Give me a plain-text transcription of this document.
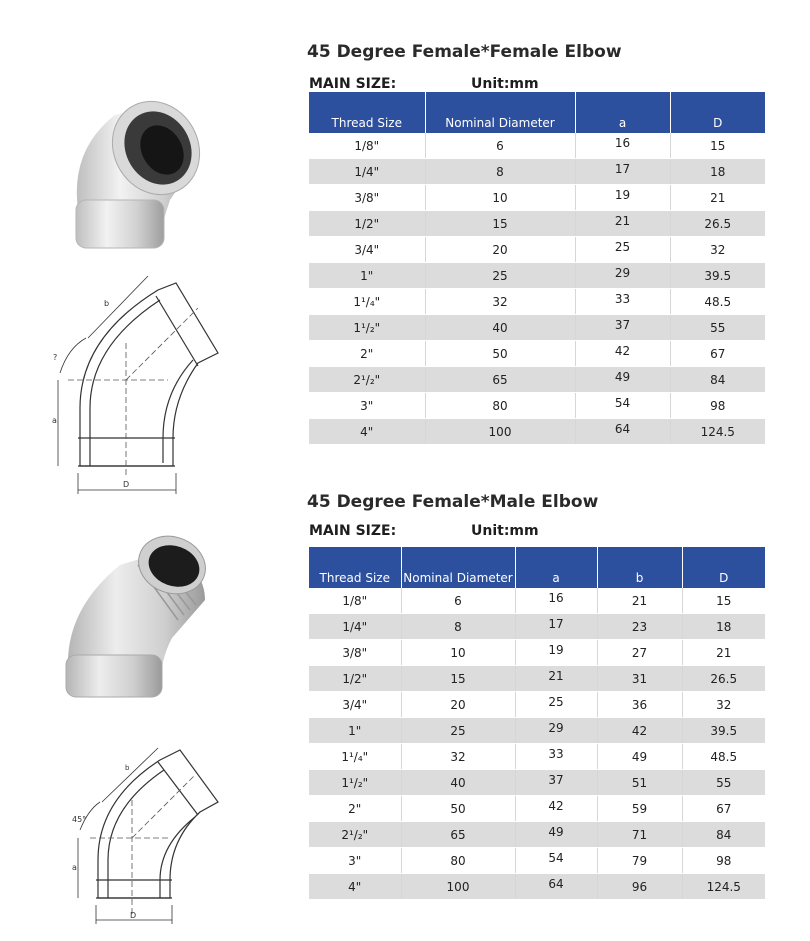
45 Degree Female*Female Elbow
MAIN SIZE:	Unit:mm
Thread Size	Nominal Diameter	a	D
1/8"	6	16	15
1/4"	8	17	18
3/8"	10	19	21
1/2"	15	21	26.5
3/4"	20	25	32
1"	25	29	39.5
1¹/₄"	32	33	48.5
1¹/₂"	40	37	55
2"	50	42	67
2¹/₂"	65	49	84
3"	80	54	98
4"	100	64	124.5
45 Degree Female*Male Elbow
MAIN SIZE:	Unit:mm
Thread Size	Nominal Diameter	a	b	D
1/8"	6	16	21	15
1/4"	8	17	23	18
3/8"	10	19	27	21
1/2"	15	21	31	26.5
3/4"	20	25	36	32
1"	25	29	42	39.5
1¹/₄"	32	33	49	48.5
1¹/₂"	40	37	51	55
2"	50	42	59	67
2¹/₂"	65	49	71	84
3"	80	54	79	98
4"	100	64	96	124.5
a
D
b
?
a
D
b
45°
